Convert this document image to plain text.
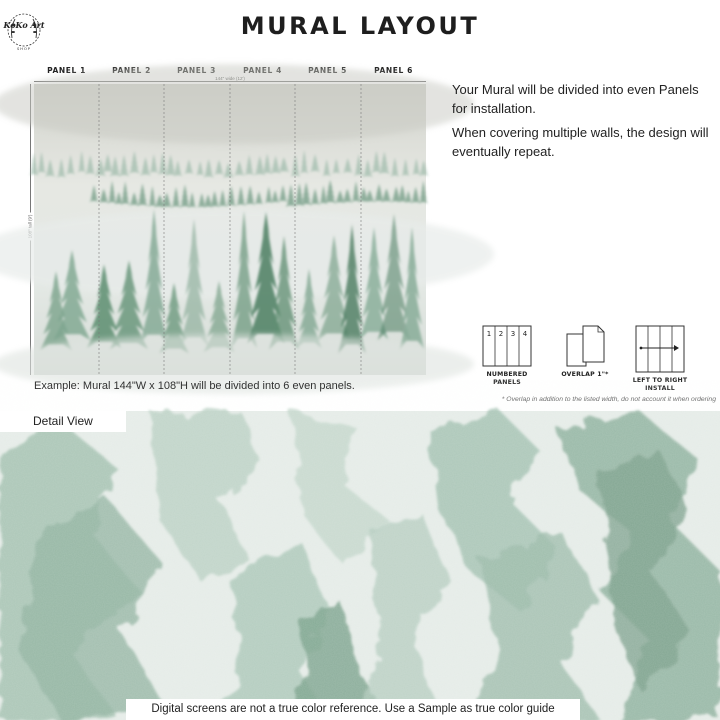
KoKo Art
SHOP
MURAL LAYOUT
PANEL 1	PANEL 6
Example: Mural 144"W x 108"H will be divided into 6 even panels.

Your Mural will be divided into even Panels for installation.

When covering multiple walls, the design will eventually repeat.

1 2 3 4
NUMBERED PANELS
OVERLAP 1"*
LEFT TO RIGHT INSTALL
* Overlap in addition to the listed width, do not account it when ordering
Detail View
Digital screens are not a true color reference. Use a Sample as true color guide
